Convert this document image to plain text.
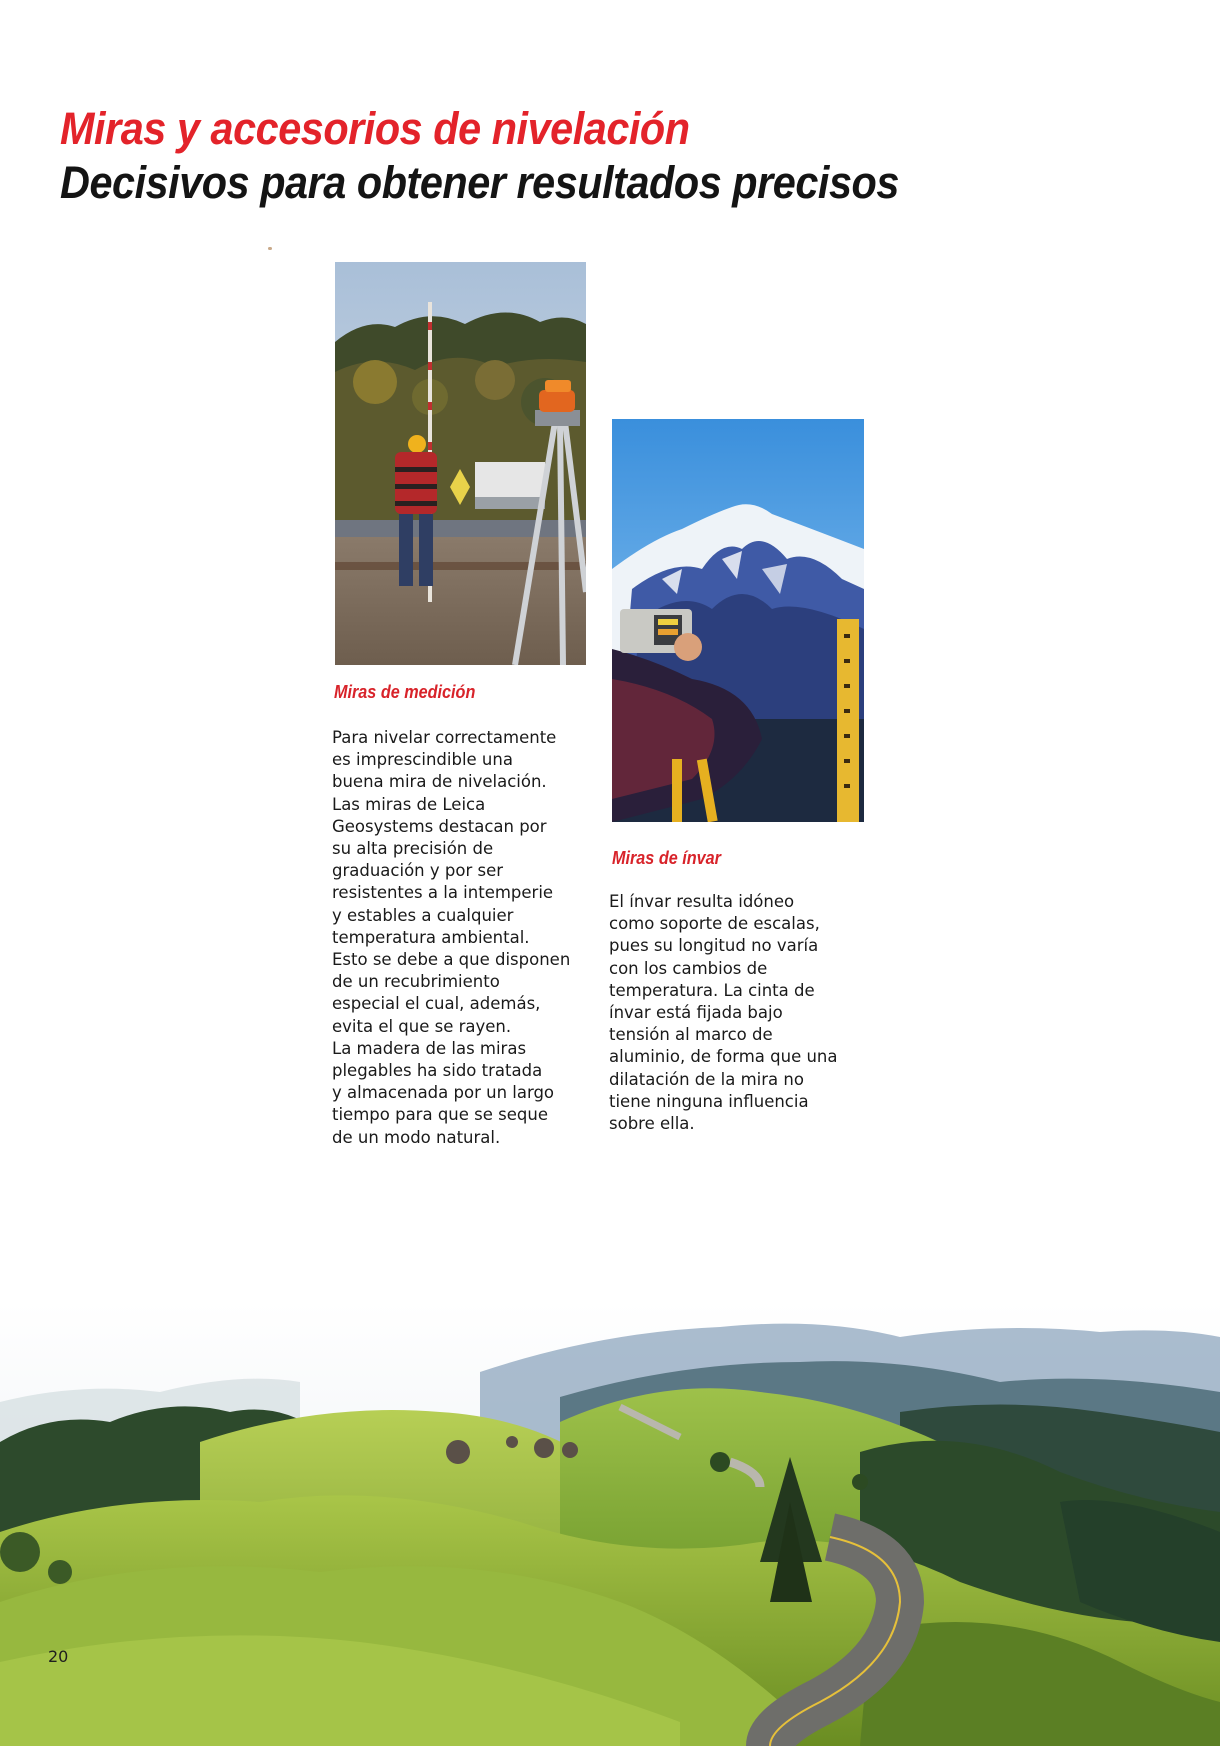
Miras y accesorios de nivelación
Decisivos para obtener resultados precisos
Miras de medición

Para nivelar correctamente
es imprescindible una
buena mira de nivelación.
Las miras de Leica
Geosystems destacan por
su alta precisión de
graduación y por ser
resistentes a la intemperie
y estables a cualquier
temperatura ambiental.
Esto se debe a que disponen
de un recubrimiento
especial el cual, además,
evita el que se rayen.
La madera de las miras
plegables ha sido tratada
y almacenada por un largo
tiempo para que se seque
de un modo natural.

Miras de ínvar

El ínvar resulta idóneo
como soporte de escalas,
pues su longitud no varía
con los cambios de
temperatura. La cinta de
ínvar está fijada bajo
tensión al marco de
aluminio, de forma que una
dilatación de la mira no
tiene ninguna influencia
sobre ella.

20
